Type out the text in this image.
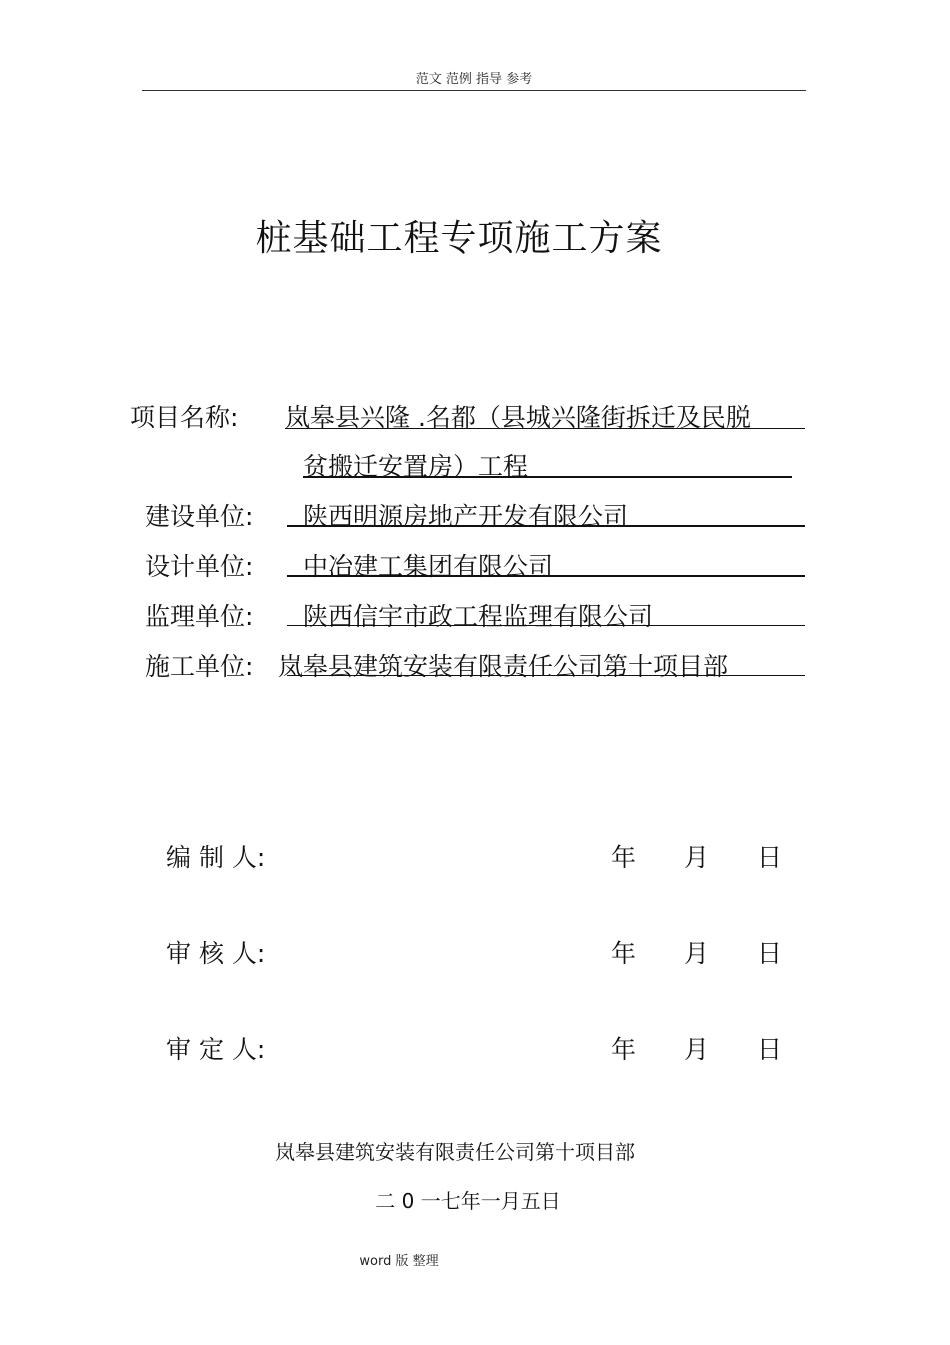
范文 范例 指导 参考
桩基础工程专项施工方案
项目名称: 岚皋县兴隆 .名都（县城兴隆街拆迁及民脱
贫搬迁安置房）工程
建设单位: 陕西明源房地产开发有限公司
设计单位: 中冶建工集团有限公司
监理单位: 陕西信宇市政工程监理有限公司
施工单位: 岚皋县建筑安装有限责任公司第十项目部
编 制 人:	年 月 日
审 核 人:	年 月 日
审 定 人:	年 月 日
岚皋县建筑安装有限责任公司第十项目部
二 0 一七年一月五日
word 版 整理
